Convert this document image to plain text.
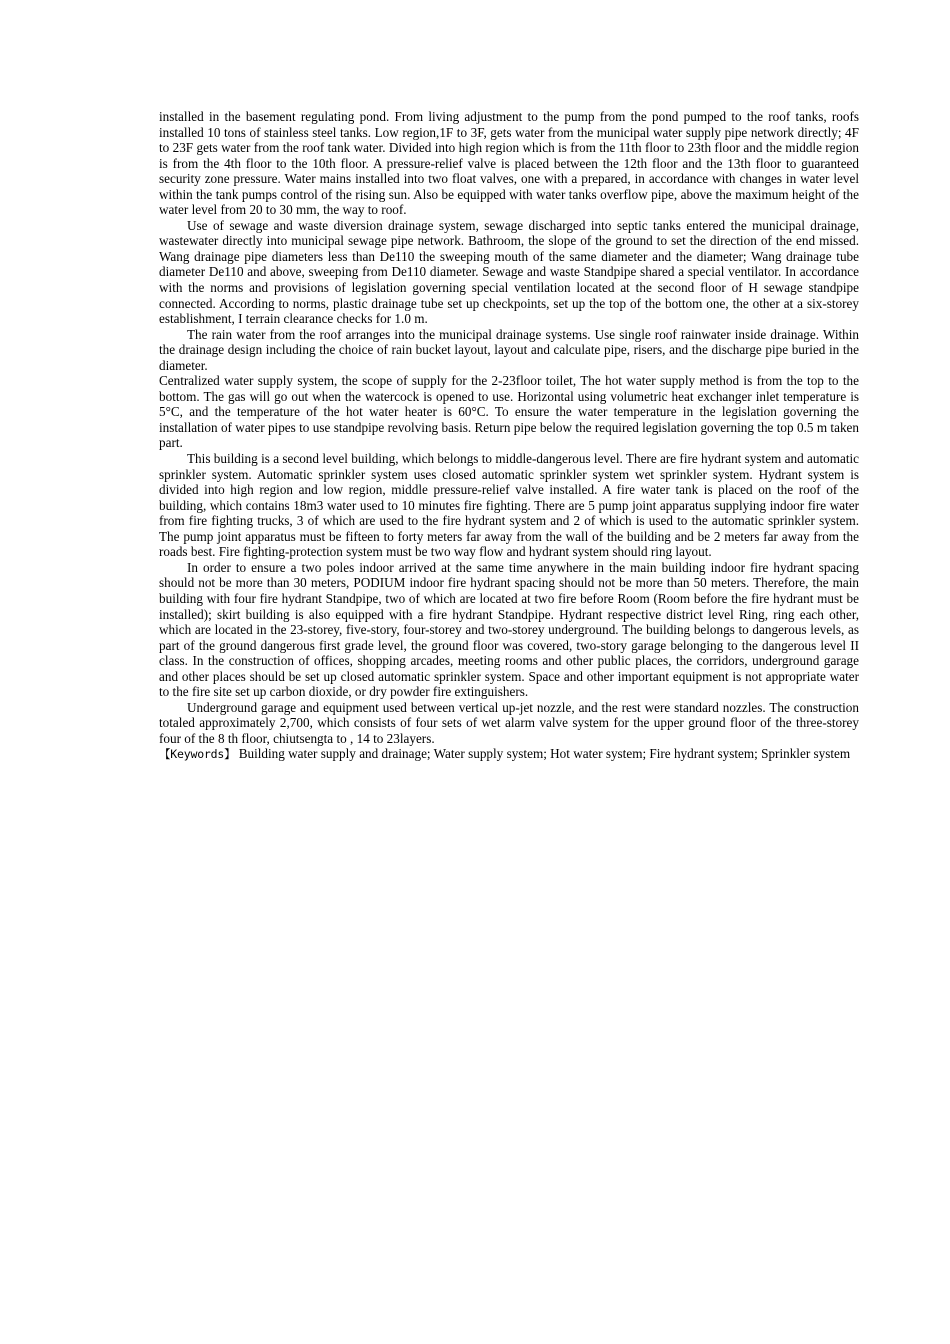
installed in the basement regulating pond. From living adjustment to the pump from the pond pumped to the roof tanks, roofs installed 10 tons of stainless steel tanks. Low region,1F to 3F, gets water from the municipal water supply pipe network directly; 4F to 23F gets water from the roof tank water. Divided into high region which is from the 11th floor to 23th floor and the middle region is from the 4th floor to the 10th floor. A pressure-relief valve is placed between the 12th floor and the 13th floor to guaranteed security zone pressure. Water mains installed into two float valves, one with a prepared, in accordance with changes in water level within the tank pumps control of the rising sun. Also be equipped with water tanks overflow pipe, above the maximum height of the water level from 20 to 30 mm, the way to roof.

Use of sewage and waste diversion drainage system, sewage discharged into septic tanks entered the municipal drainage, wastewater directly into municipal sewage pipe network. Bathroom, the slope of the ground to set the direction of the end missed. Wang drainage pipe diameters less than De110 the sweeping mouth of the same diameter and the diameter; Wang drainage tube diameter De110 and above, sweeping from De110 diameter. Sewage and waste Standpipe shared a special ventilator. In accordance with the norms and provisions of legislation governing special ventilation located at the second floor of H sewage standpipe connected. According to norms, plastic drainage tube set up checkpoints, set up the top of the bottom one, the other at a six-storey establishment, I terrain clearance checks for 1.0 m.

The rain water from the roof arranges into the municipal drainage systems. Use single roof rainwater inside drainage. Within the drainage design including the choice of rain bucket layout, layout and calculate pipe, risers, and the discharge pipe buried in the diameter.

Centralized water supply system, the scope of supply for the 2-23floor toilet, The hot water supply method is from the top to the bottom. The gas will go out when the watercock is opened to use. Horizontal using volumetric heat exchanger inlet temperature is 5°C, and the temperature of the hot water heater is 60°C. To ensure the water temperature in the legislation governing the installation of water pipes to use standpipe revolving basis. Return pipe below the required legislation governing the top 0.5 m taken part.

This building is a second level building, which belongs to middle-dangerous level. There are fire hydrant system and automatic sprinkler system. Automatic sprinkler system uses closed automatic sprinkler system wet sprinkler system. Hydrant system is divided into high region and low region, middle pressure-relief valve installed. A fire water tank is placed on the roof of the building, which contains 18m3 water used to 10 minutes fire fighting. There are 5 pump joint apparatus supplying indoor fire water from fire fighting trucks, 3 of which are used to the fire hydrant system and 2 of which is used to the automatic sprinkler system. The pump joint apparatus must be fifteen to forty meters far away from the wall of the building and be 2 meters far away from the roads best. Fire fighting-protection system must be two way flow and hydrant system should ring layout.

In order to ensure a two poles indoor arrived at the same time anywhere in the main building indoor fire hydrant spacing should not be more than 30 meters, PODIUM indoor fire hydrant spacing should not be more than 50 meters. Therefore, the main building with four fire hydrant Standpipe, two of which are located at two fire before Room (Room before the fire hydrant must be installed); skirt building is also equipped with a fire hydrant Standpipe. Hydrant respective district level Ring, ring each other, which are located in the 23-storey, five-story, four-storey and two-storey underground. The building belongs to dangerous levels, as part of the ground dangerous first grade level, the ground floor was covered, two-story garage belonging to the dangerous level II class. In the construction of offices, shopping arcades, meeting rooms and other public places, the corridors, underground garage and other places should be set up closed automatic sprinkler system. Space and other important equipment is not appropriate water to the fire site set up carbon dioxide, or dry powder fire extinguishers.

Underground garage and equipment used between vertical up-jet nozzle, and the rest were standard nozzles. The construction totaled approximately 2,700, which consists of four sets of wet alarm valve system for the upper ground floor of the three-storey four of the 8 th floor, chiutsengta to , 14 to 23layers.

【Keywords】 Building water supply and drainage; Water supply system; Hot water system; Fire hydrant system; Sprinkler system
